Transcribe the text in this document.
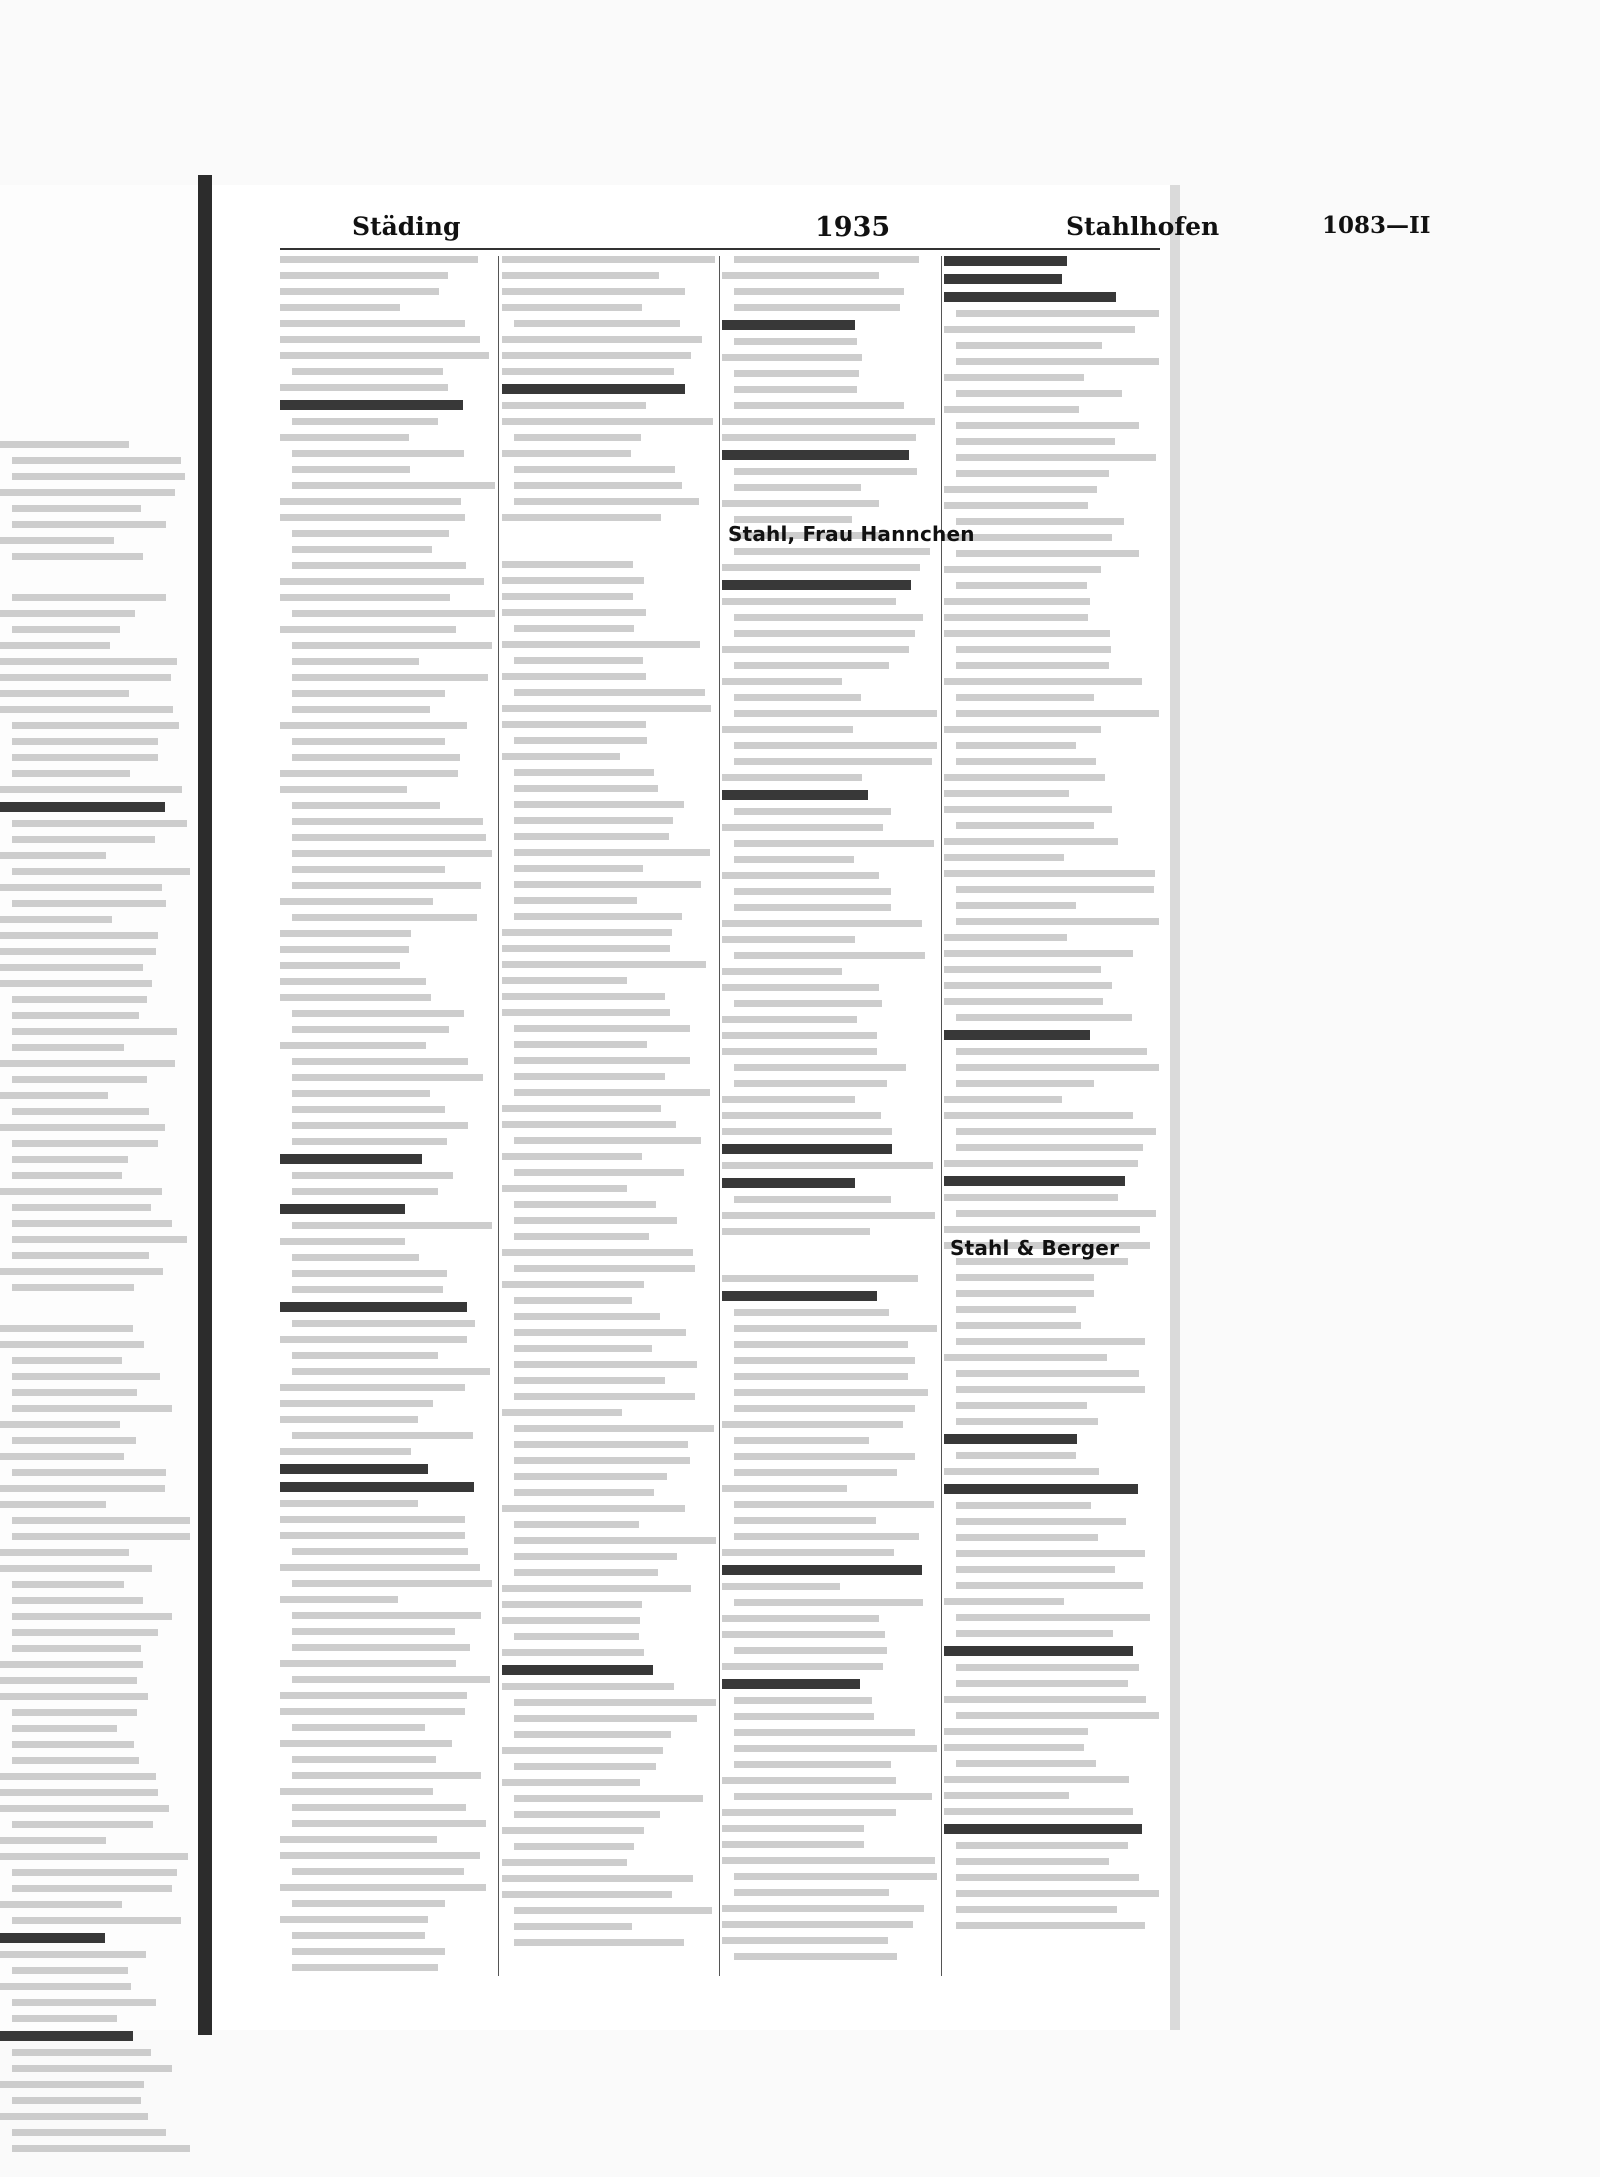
Städing	1935	Stahlhofen	1083—II
Stahl, Frau Hannchen
Stahl & Berger
